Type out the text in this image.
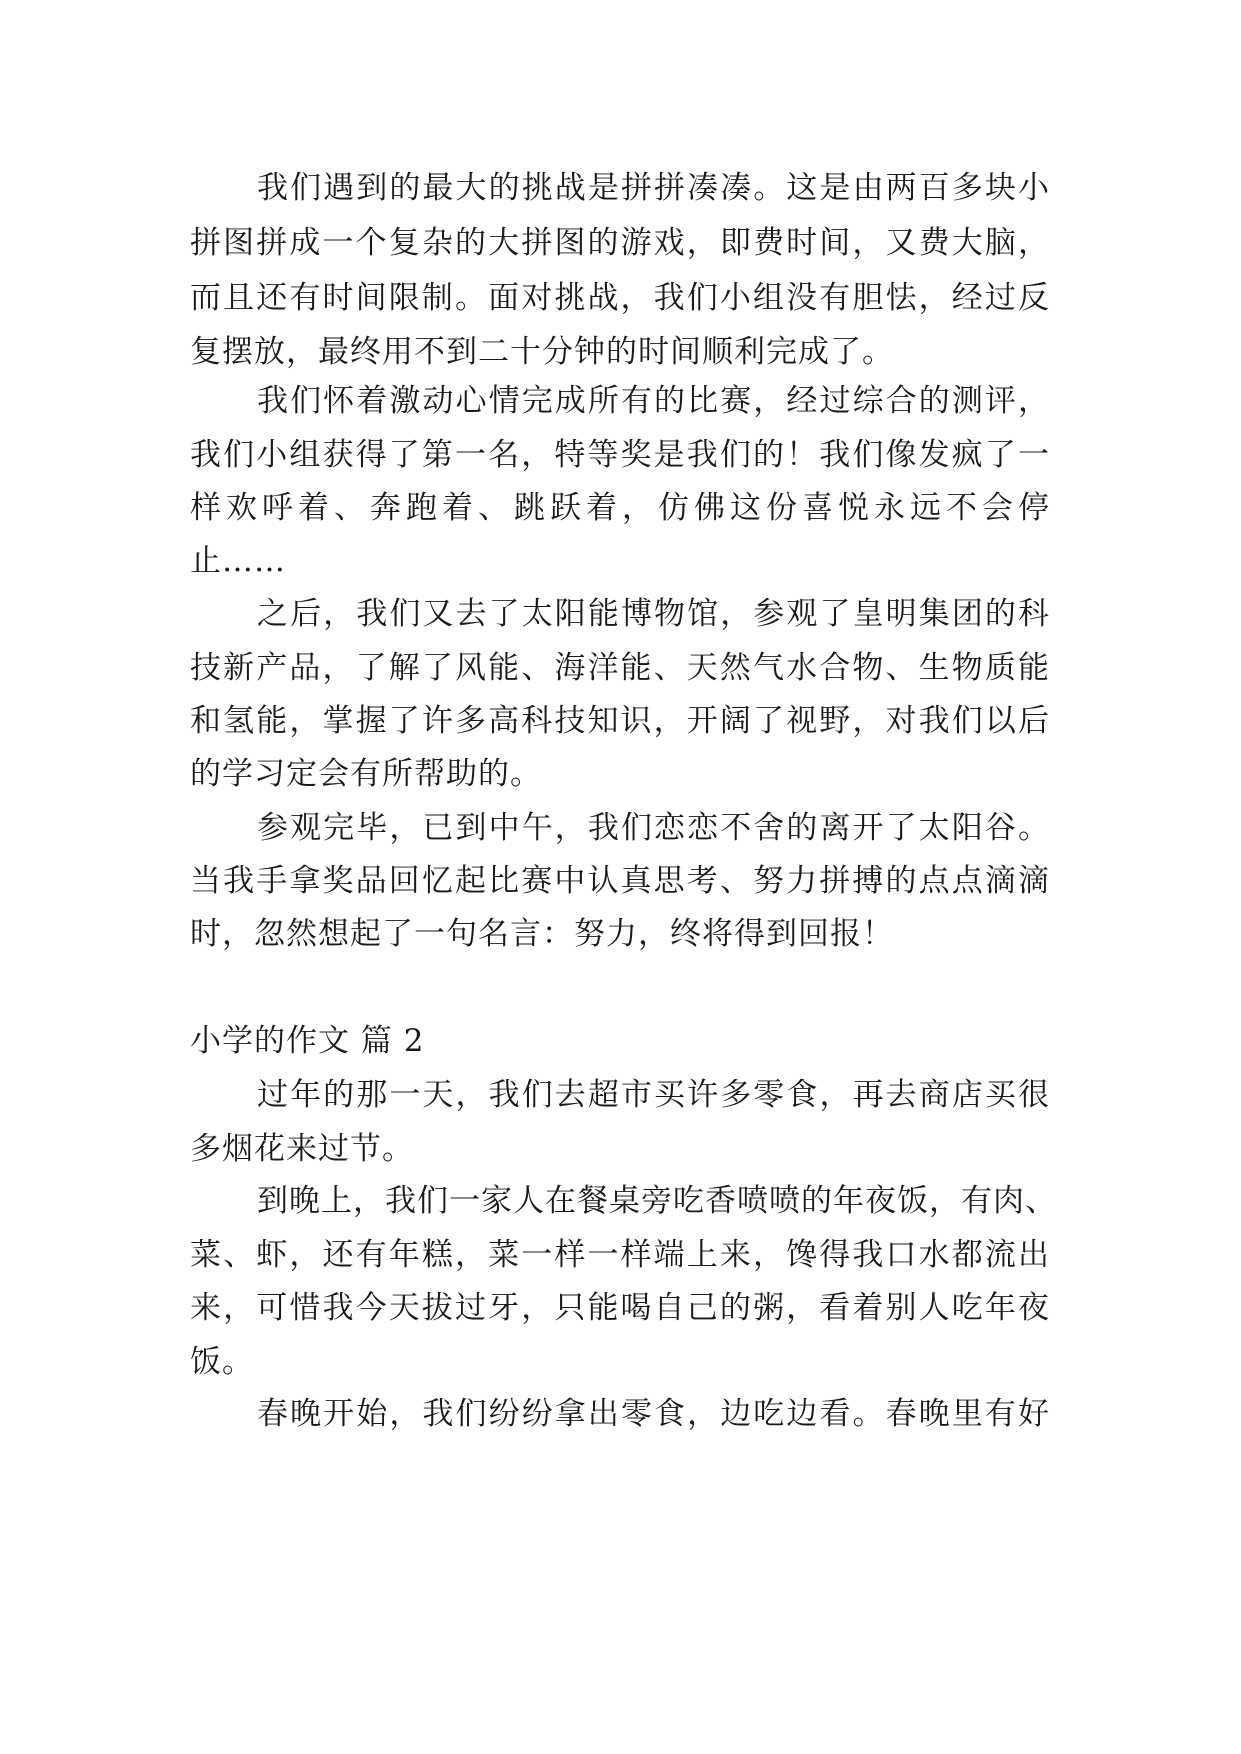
我们遇到的最大的挑战是拼拼凑凑。这是由两百多块小
拼图拼成一个复杂的大拼图的游戏，即费时间，又费大脑，
而且还有时间限制。面对挑战，我们小组没有胆怯，经过反
复摆放，最终用不到二十分钟的时间顺利完成了。
我们怀着激动心情完成所有的比赛，经过综合的测评，
我们小组获得了第一名，特等奖是我们的！我们像发疯了一
样欢呼着、奔跑着、跳跃着，仿佛这份喜悦永远不会停
止……
之后，我们又去了太阳能博物馆，参观了皇明集团的科
技新产品，了解了风能、海洋能、天然气水合物、生物质能
和氢能，掌握了许多高科技知识，开阔了视野，对我们以后
的学习定会有所帮助的。
参观完毕，已到中午，我们恋恋不舍的离开了太阳谷。
当我手拿奖品回忆起比赛中认真思考、努力拼搏的点点滴滴
时，忽然想起了一句名言：努力，终将得到回报！
小学的作文 篇 2
过年的那一天，我们去超市买许多零食，再去商店买很
多烟花来过节。
到晚上，我们一家人在餐桌旁吃香喷喷的年夜饭，有肉、
菜、虾，还有年糕，菜一样一样端上来，馋得我口水都流出
来，可惜我今天拔过牙，只能喝自己的粥，看着别人吃年夜
饭。
春晚开始，我们纷纷拿出零食，边吃边看。春晚里有好
